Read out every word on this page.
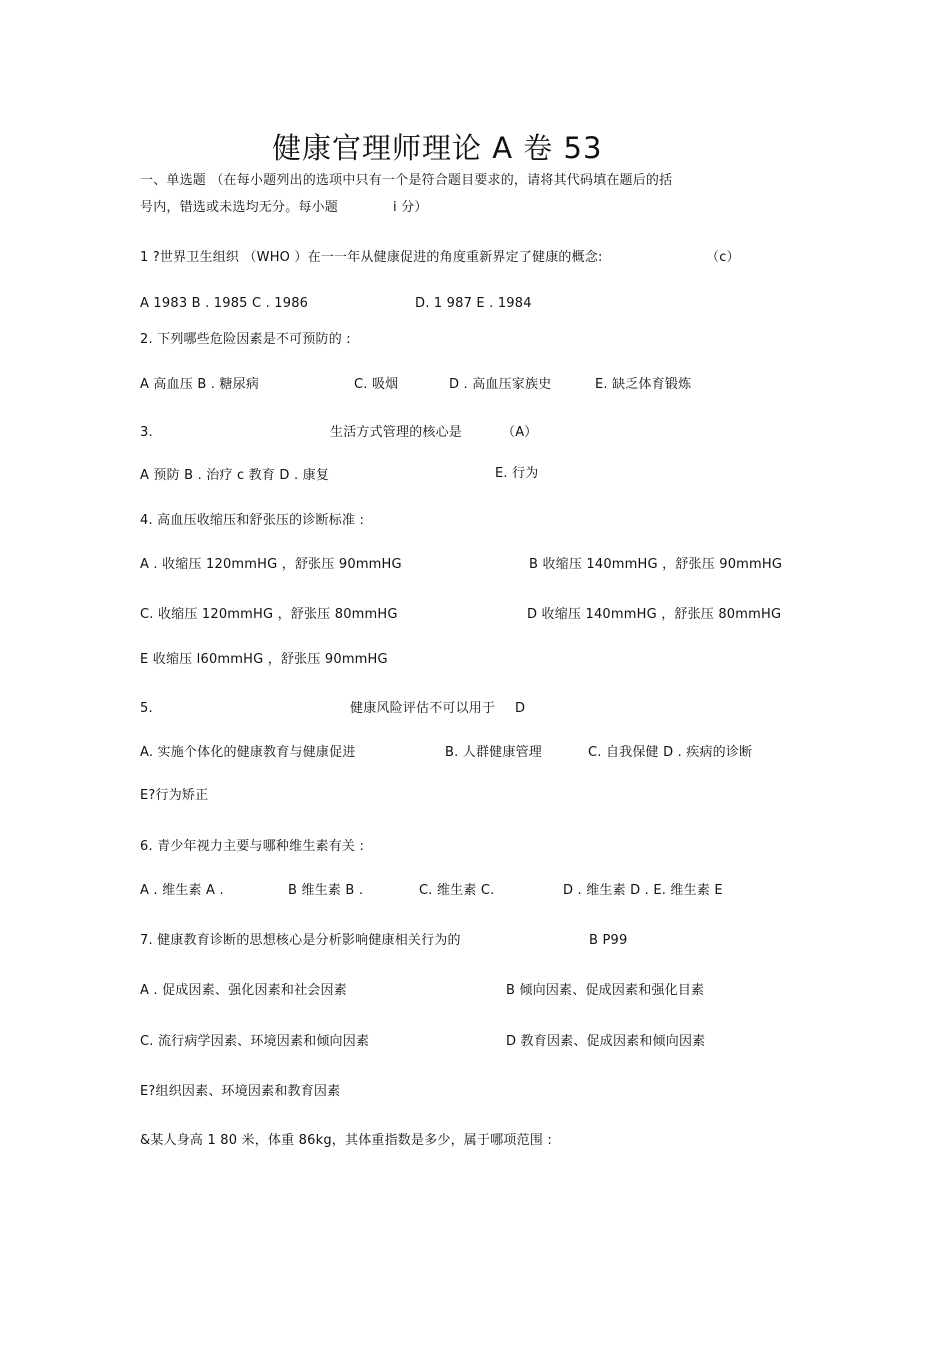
健康官理师理论 A 卷 53
一、单选题 （在每小题列出的选项中只有一个是符合题目要求的，请将其代码填在题后的括
号内，错选或未选均无分。每小题	i 分）
1 ?世界卫生组织 （WHO ）在一一年从健康促进的角度重新界定了健康的概念:	（c）
A 1983 B . 1985 C . 1986	D. 1 987 E . 1984
2. 下列哪些危险因素是不可预防的 :
A 高血压 B . 糖尿病	C. 吸烟	D . 高血压家族史	E. 缺乏体育锻炼
3.	生活方式管理的核心是	（A）
A 预防 B . 治疗 c 教育 D . 康复	E. 行为
4. 高血压收缩压和舒张压的诊断标准 :
A . 收缩压 120mmHG ，舒张压 90mmHG	B 收缩压 140mmHG ，舒张压 90mmHG
C. 收缩压 120mmHG ，舒张压 80mmHG	D 收缩压 140mmHG ，舒张压 80mmHG
E 收缩压 l60mmHG ，舒张压 90mmHG
5.	健康风险评估不可以用于 D
A. 实施个体化的健康教育与健康促进	B. 人群健康管理	C. 自我保健 D . 疾病的诊断
E?行为矫正
6. 青少年视力主要与哪种维生素有关 :
A . 维生素 A .	B 维生素 B .	C. 维生素 C.	D . 维生素 D . E. 维生素 E
7. 健康教育诊断的思想核心是分析影响健康相关行为的	B P99
A . 促成因素、强化因素和社会因素	B 倾向因素、促成因素和强化目素
C. 流行病学因素、环境因素和倾向因素	D 教育因素、促成因素和倾向因素
E?组织因素、环境因素和教育因素
&某人身高 1 80 米，体重 86kg，其体重指数是多少，属于哪项范围 :
